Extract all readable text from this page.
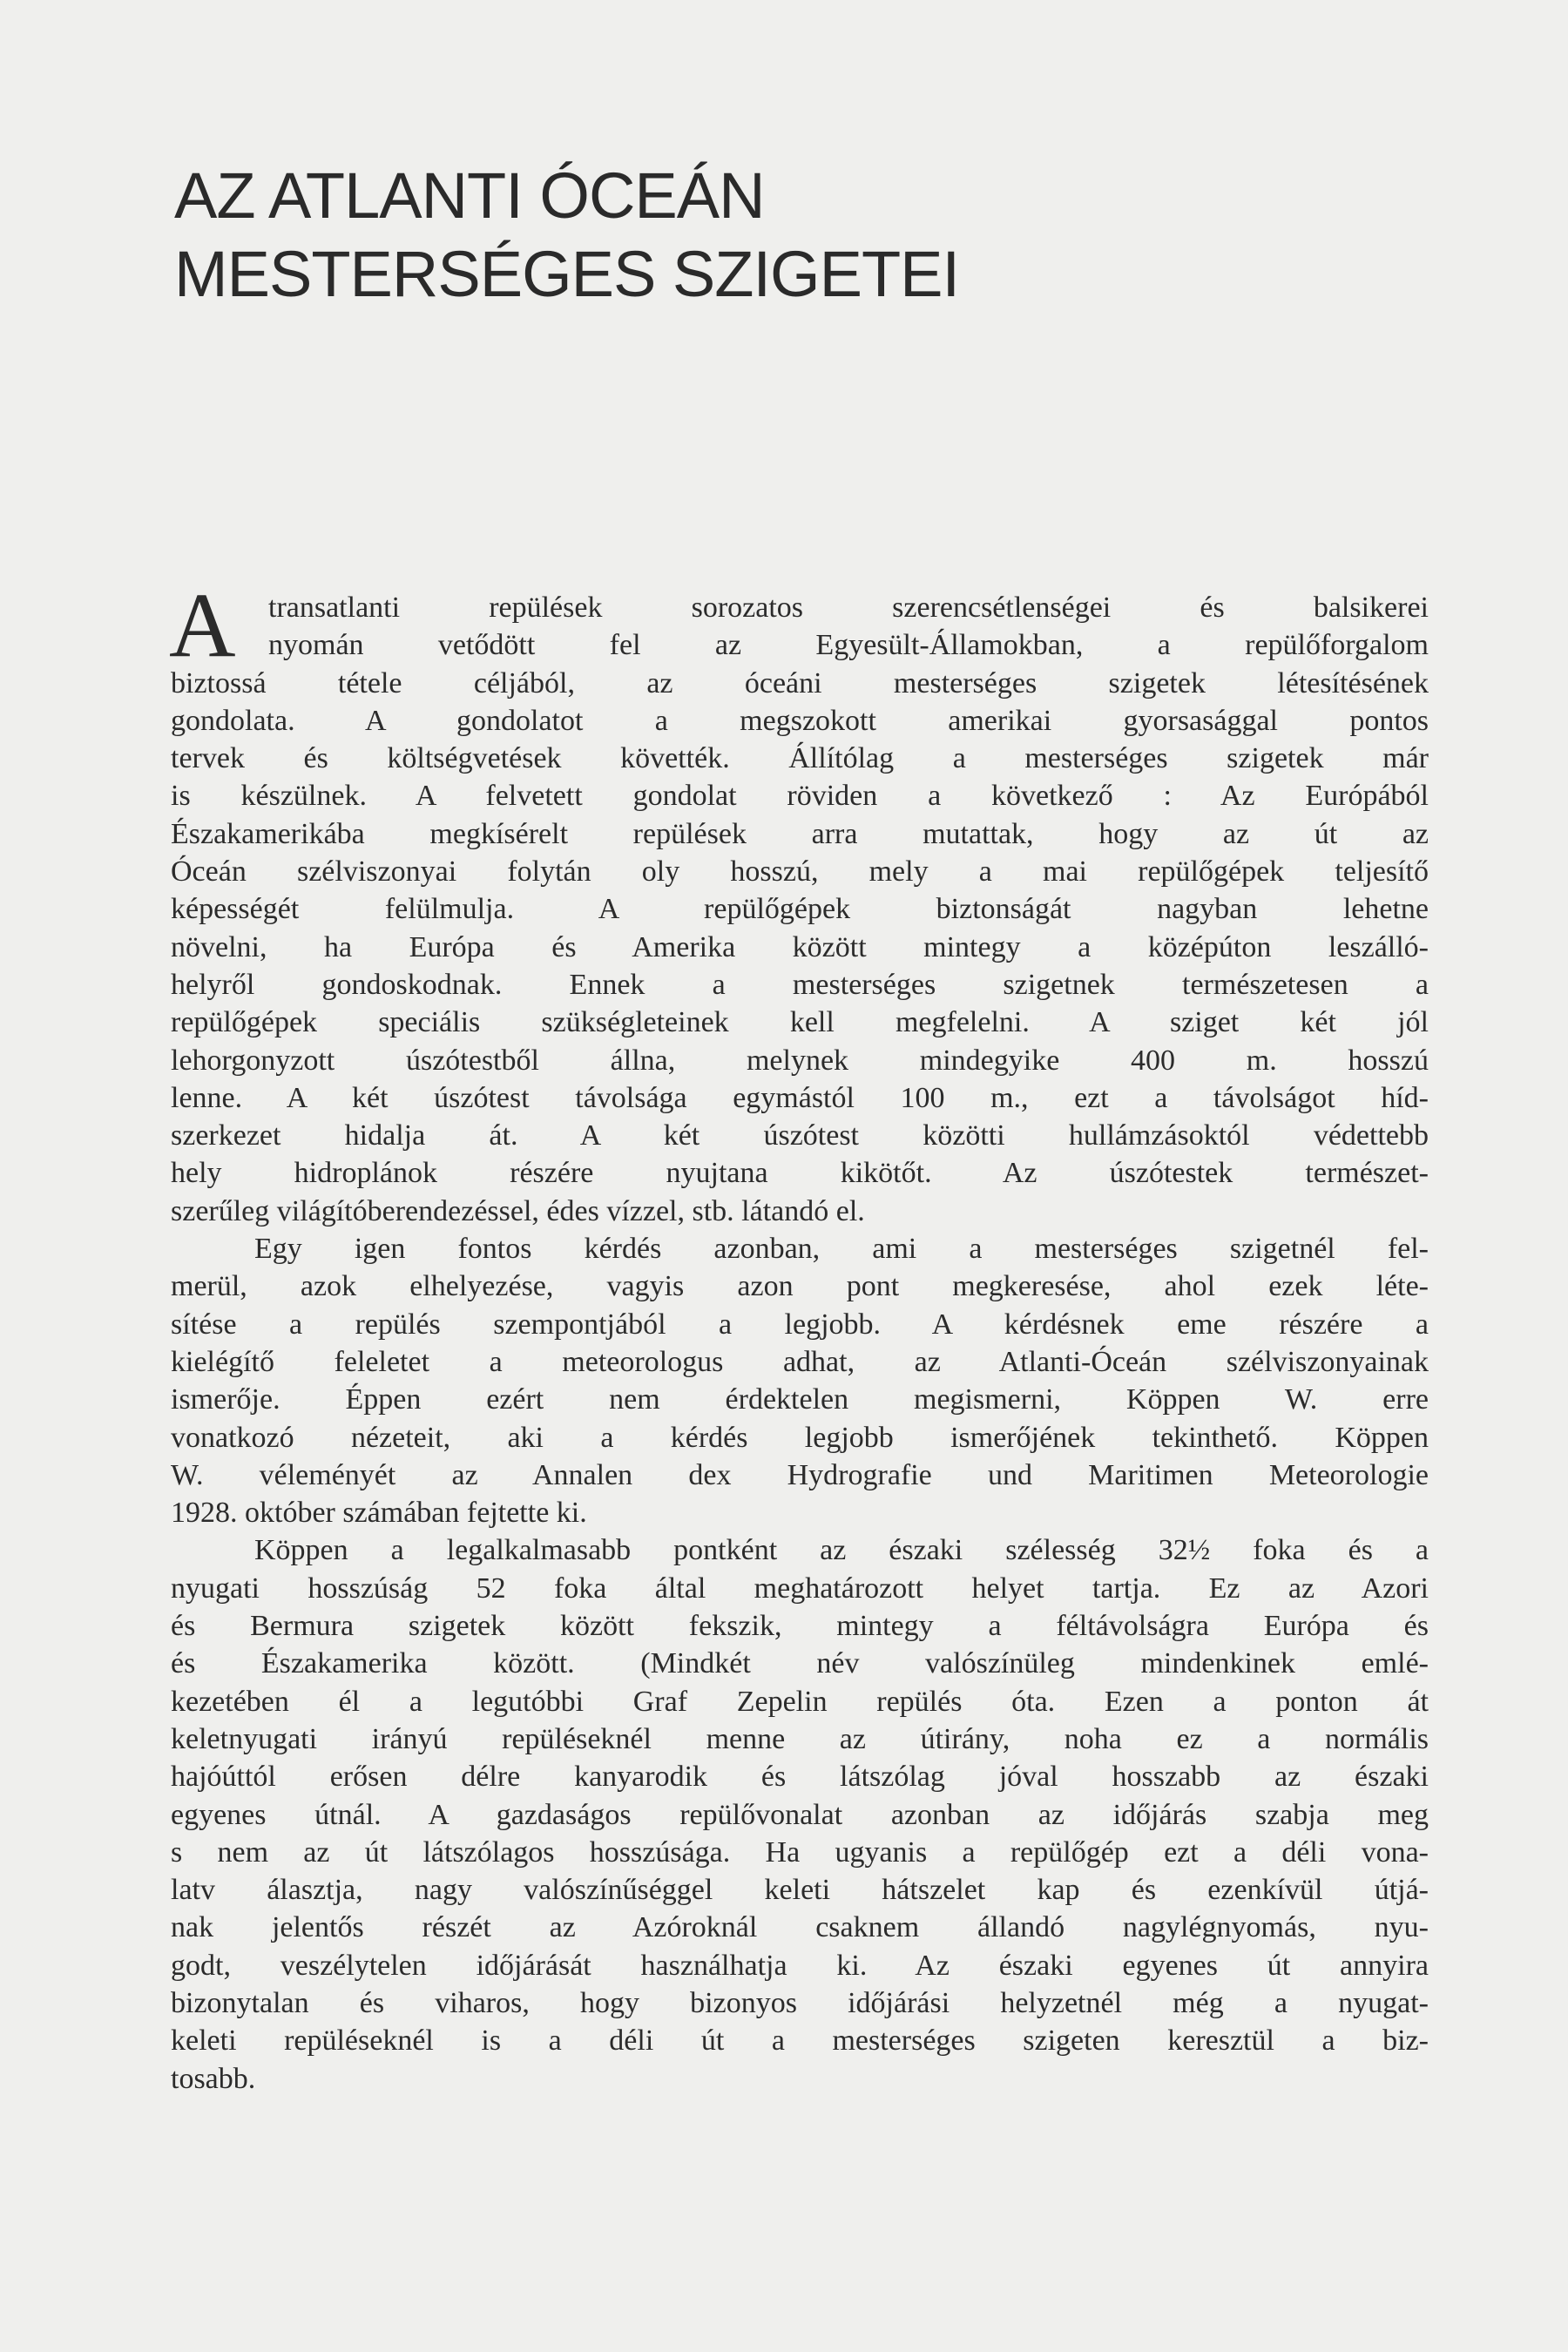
AZ ATLANTI ÓCEÁN
MESTERSÉGES SZIGETEI
A	transatlanti repülések sorozatos szerencsétlenségei és balsikerei
nyomán vetődött fel az Egyesült-Államokban, a repülőforgalom
biztossá tétele céljából, az óceáni mesterséges szigetek létesítésének
gondolata. A gondolatot a megszokott amerikai gyorsasággal pontos
tervek és költségvetések követték. Állítólag a mesterséges szigetek már
is készülnek. A felvetett gondolat röviden a következő : Az Európából
Északamerikába megkísérelt repülések arra mutattak, hogy az út az
Óceán szélviszonyai folytán oly hosszú, mely a mai repülőgépek teljesítő
képességét felülmulja. A repülőgépek biztonságát nagyban lehetne
növelni, ha Európa és Amerika között mintegy a középúton leszálló-
helyről gondoskodnak. Ennek a mesterséges szigetnek természetesen a
repülőgépek speciális szükségleteinek kell megfelelni. A sziget két jól
lehorgonyzott úszótestből állna, melynek mindegyike 400 m. hosszú
lenne. A két úszótest távolsága egymástól 100 m., ezt a távolságot híd-
szerkezet hidalja át. A két úszótest közötti hullámzásoktól védettebb
hely hidroplánok részére nyujtana kikötőt. Az úszótestek természet-
szerűleg világítóberendezéssel, édes vízzel, stb. látandó el.
Egy igen fontos kérdés azonban, ami a mesterséges szigetnél fel-
merül, azok elhelyezése, vagyis azon pont megkeresése, ahol ezek léte-
sítése a repülés szempontjából a legjobb. A kérdésnek eme részére a
kielégítő feleletet a meteorologus adhat, az Atlanti-Óceán szélviszonyainak
ismerője. Éppen ezért nem érdektelen megismerni, Köppen W. erre
vonatkozó nézeteit, aki a kérdés legjobb ismerőjének tekinthető. Köppen
W. véleményét az Annalen dex Hydrografie und Maritimen Meteorologie
1928. október számában fejtette ki.
Köppen a legalkalmasabb pontként az északi szélesség 32½ foka és a
nyugati hosszúság 52 foka által meghatározott helyet tartja. Ez az Azori
és Bermura szigetek között fekszik, mintegy a féltávolságra Európa és
és Északamerika között. (Mindkét név valószínüleg mindenkinek emlé-
kezetében él a legutóbbi Graf Zepelin repülés óta. Ezen a ponton át
keletnyugati irányú repüléseknél menne az útirány, noha ez a normális
hajóúttól erősen délre kanyarodik és látszólag jóval hosszabb az északi
egyenes útnál. A gazdaságos repülővonalat azonban az időjárás szabja meg
s nem az út látszólagos hosszúsága. Ha ugyanis a repülőgép ezt a déli vona-
latv álasztja, nagy valószínűséggel keleti hátszelet kap és ezenkívül útjá-
nak jelentős részét az Azóroknál csaknem állandó nagylégnyomás, nyu-
godt, veszélytelen időjárását használhatja ki. Az északi egyenes út annyira
bizonytalan és viharos, hogy bizonyos időjárási helyzetnél még a nyugat-
keleti repüléseknél is a déli út a mesterséges szigeten keresztül a biz-
tosabb.
